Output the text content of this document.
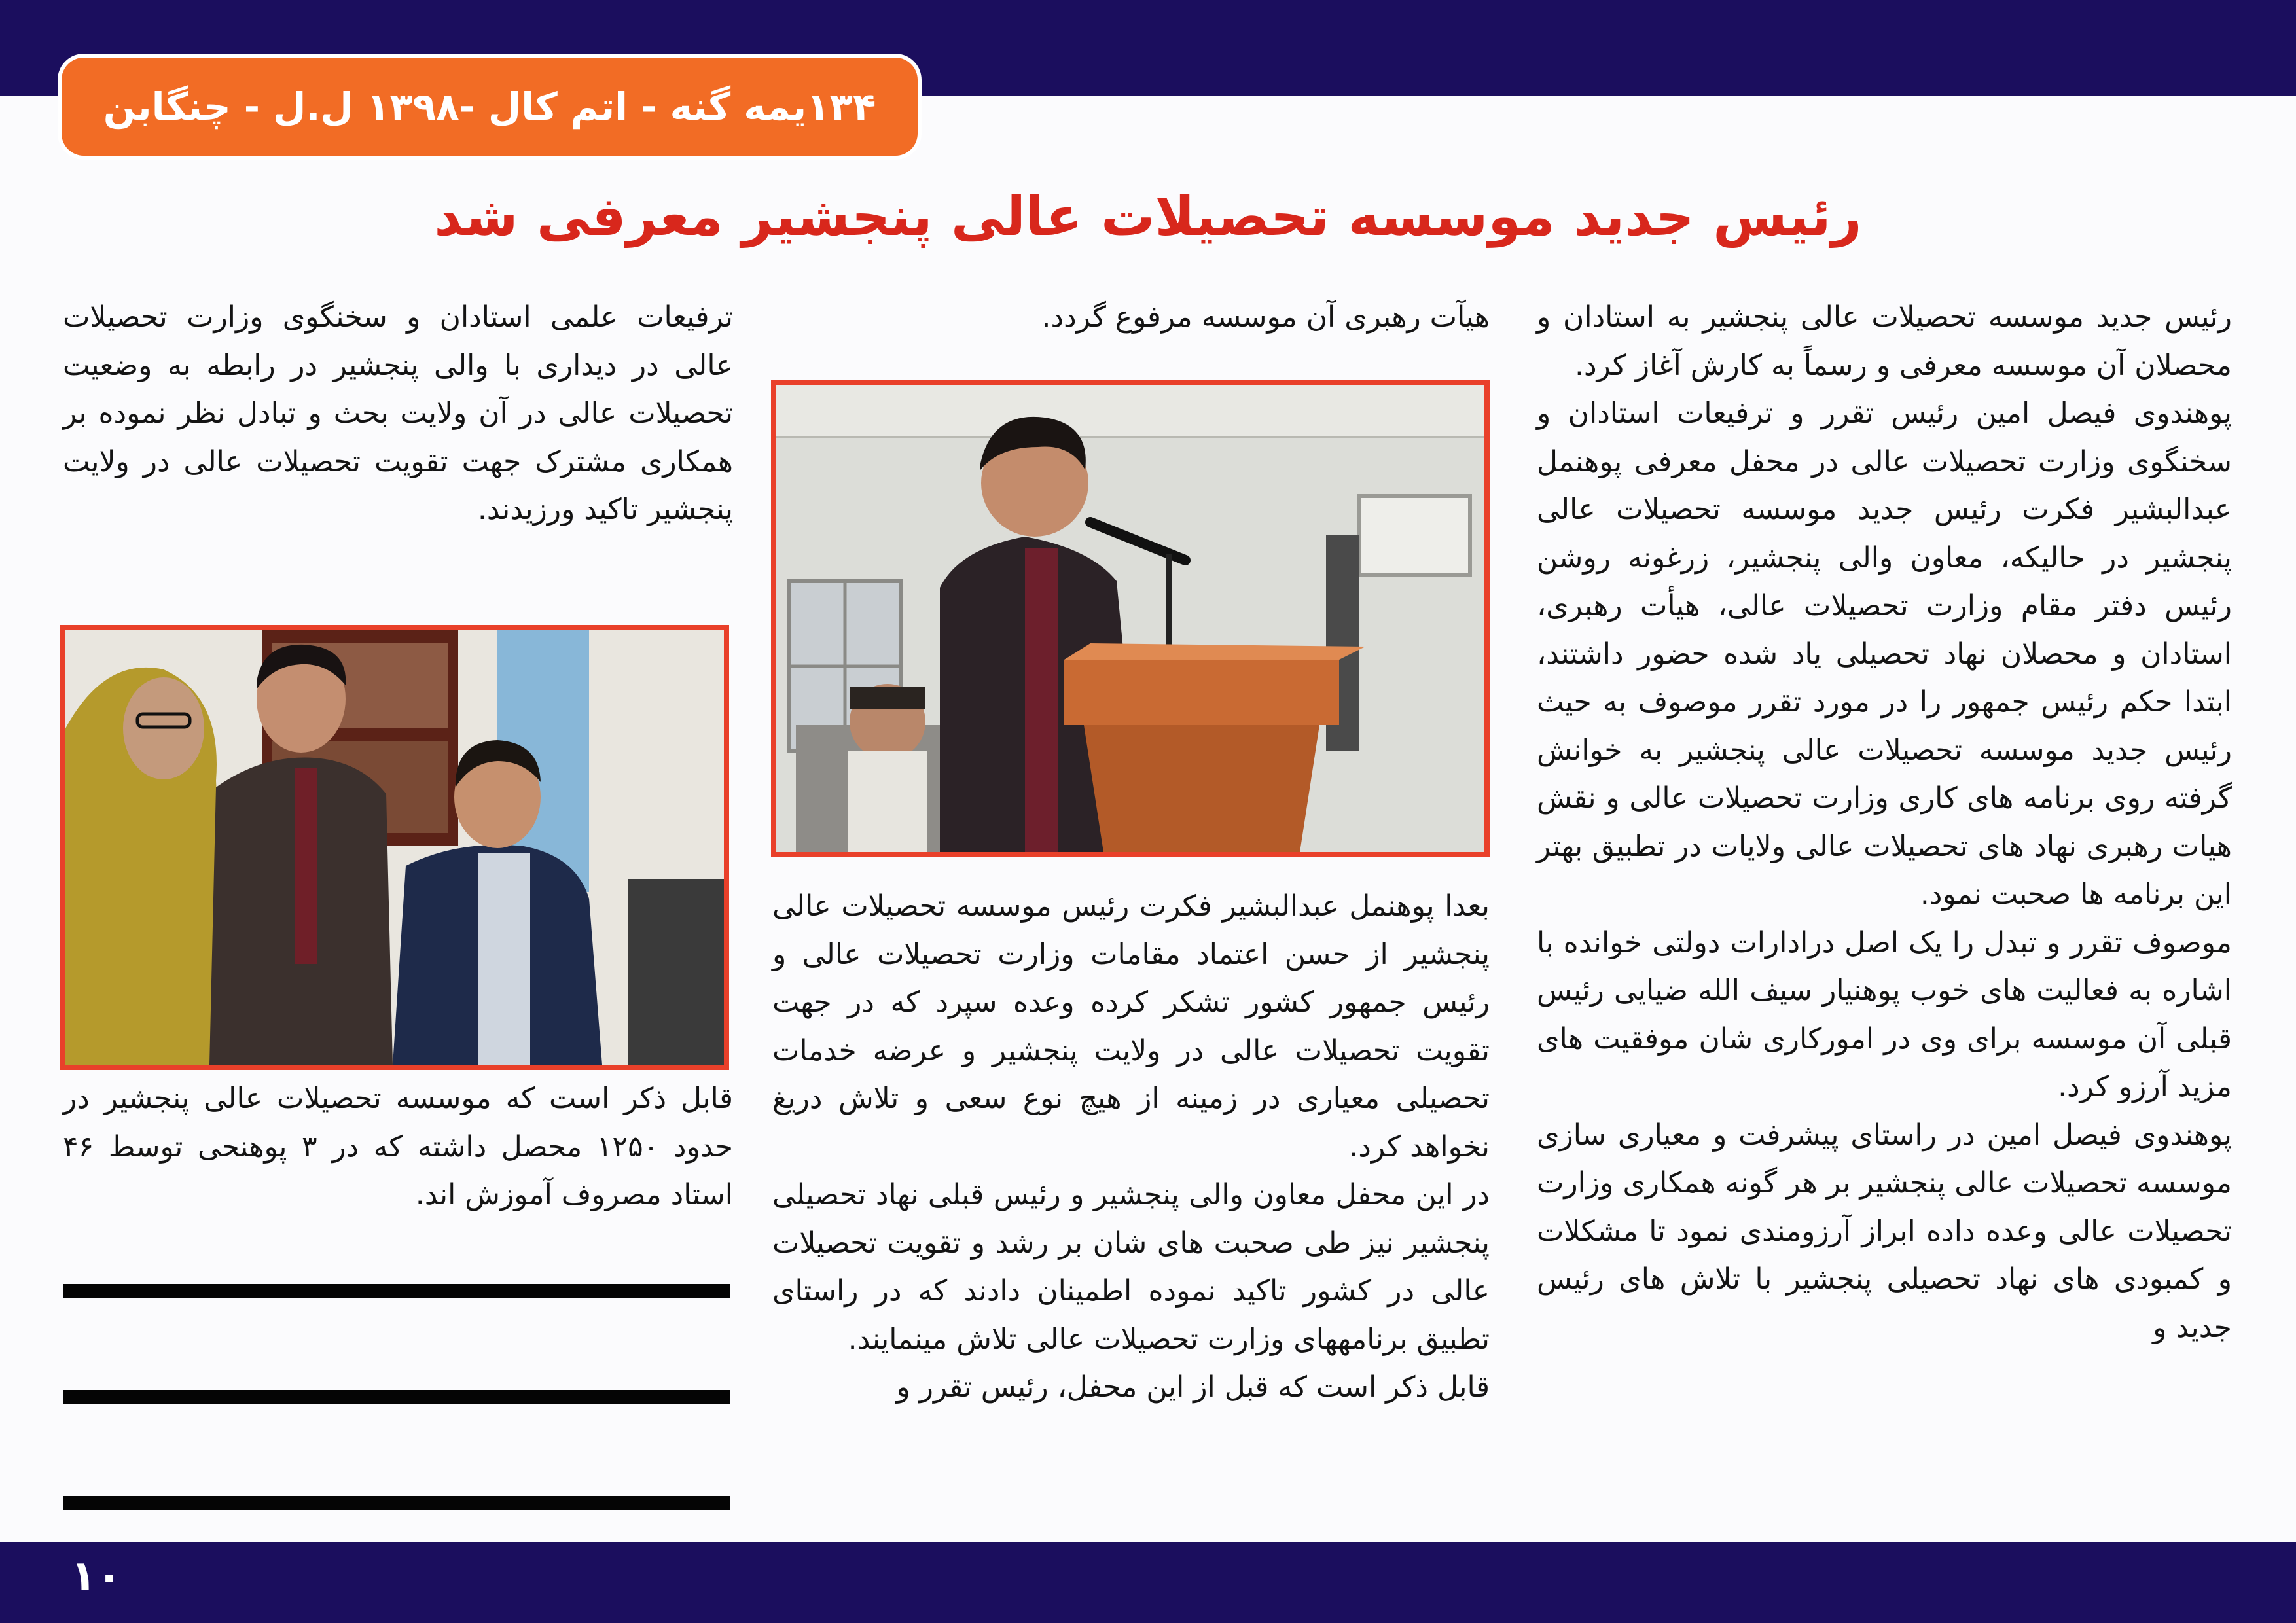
۱۳۴یمه گنه - اتم کال -۱۳۹۸ ل.ل - چنگابن
رئیس جدید موسسه تحصیلات عالی پنجشیر معرفی شد

رئیس جدید موسسه تحصیلات عالی پنجشیر به استادان و محصلان آن موسسه معرفی و رسماً به کارش آغاز کرد.

پوهندوی فیصل امین رئیس تقرر و ترفیعات استادان و سخنگوی وزارت تحصیلات عالی در محفل معرفی پوهنمل عبدالبشیر فکرت رئیس جدید موسسه تحصیلات عالی پنجشیر در حالیکه، معاون والی پنجشیر، زرغونه روشن رئیس دفتر مقام وزارت تحصیلات عالی، هیأت رهبری، استادان و محصلان نهاد تحصیلی یاد شده حضور داشتند، ابتدا حکم رئیس جمهور را در مورد تقرر موصوف به حیث رئیس جدید موسسه تحصیلات عالی پنجشیر به خوانش گرفته روی برنامه های کاری وزارت تحصیلات عالی و نقش هیات رهبری نهاد های تحصیلات عالی ولایات در تطبیق بهتر این برنامه ها صحبت نمود.

موصوف تقرر و تبدل را یک اصل درادارات دولتی خوانده با اشاره به فعالیت های خوب پوهنیار سیف الله ضیایی رئیس قبلی آن موسسه برای وی در امورکاری شان موفقیت های مزید آرزو کرد.

پوهندوی فیصل امین در راستای پیشرفت و معیاری سازی موسسه تحصیلات عالی پنجشیر بر هر گونه همکاری وزارت تحصیلات عالی وعده داده ابراز آرزومندی نمود تا مشکلات و کمبودی های نهاد تحصیلی پنجشیر با تلاش های رئیس جدید و

هیآت رهبری آن موسسه مرفوع گردد.

بعدا پوهنمل عبدالبشیر فکرت رئیس موسسه تحصیلات عالی پنجشیر از حسن اعتماد مقامات وزارت تحصیلات عالی و رئیس جمهور کشور تشکر کرده وعده سپرد که در جهت تقویت تحصیلات عالی در ولایت پنجشیر و عرضه خدمات تحصیلی معیاری در زمینه از هیچ نوع سعی و تلاش دریغ نخواهد کرد.

در این محفل معاون والی پنجشیر و رئیس قبلی نهاد تحصیلی پنجشیر نیز طی صحبت های شان بر رشد و تقویت تحصیلات عالی در کشور تاکید نموده اطمینان دادند که در راستای تطبیق برنامههای وزارت تحصیلات عالی تلاش مینمایند.

قابل ذکر است که قبل از این محفل، رئیس تقرر و

ترفیعات علمی استادان و سخنگوی وزارت تحصیلات عالی در دیداری با والی پنجشیر در رابطه به وضعیت تحصیلات عالی در آن ولایت بحث و تبادل نظر نموده بر همکاری مشترک جهت تقویت تحصیلات عالی در ولایت پنجشیر تاکید ورزیدند.

قابل ذکر است که موسسه تحصیلات عالی پنجشیر در حدود ۱۲۵۰ محصل داشته که در ۳ پوهنحی توسط ۴۶ استاد مصروف آموزش اند.

۱۰
